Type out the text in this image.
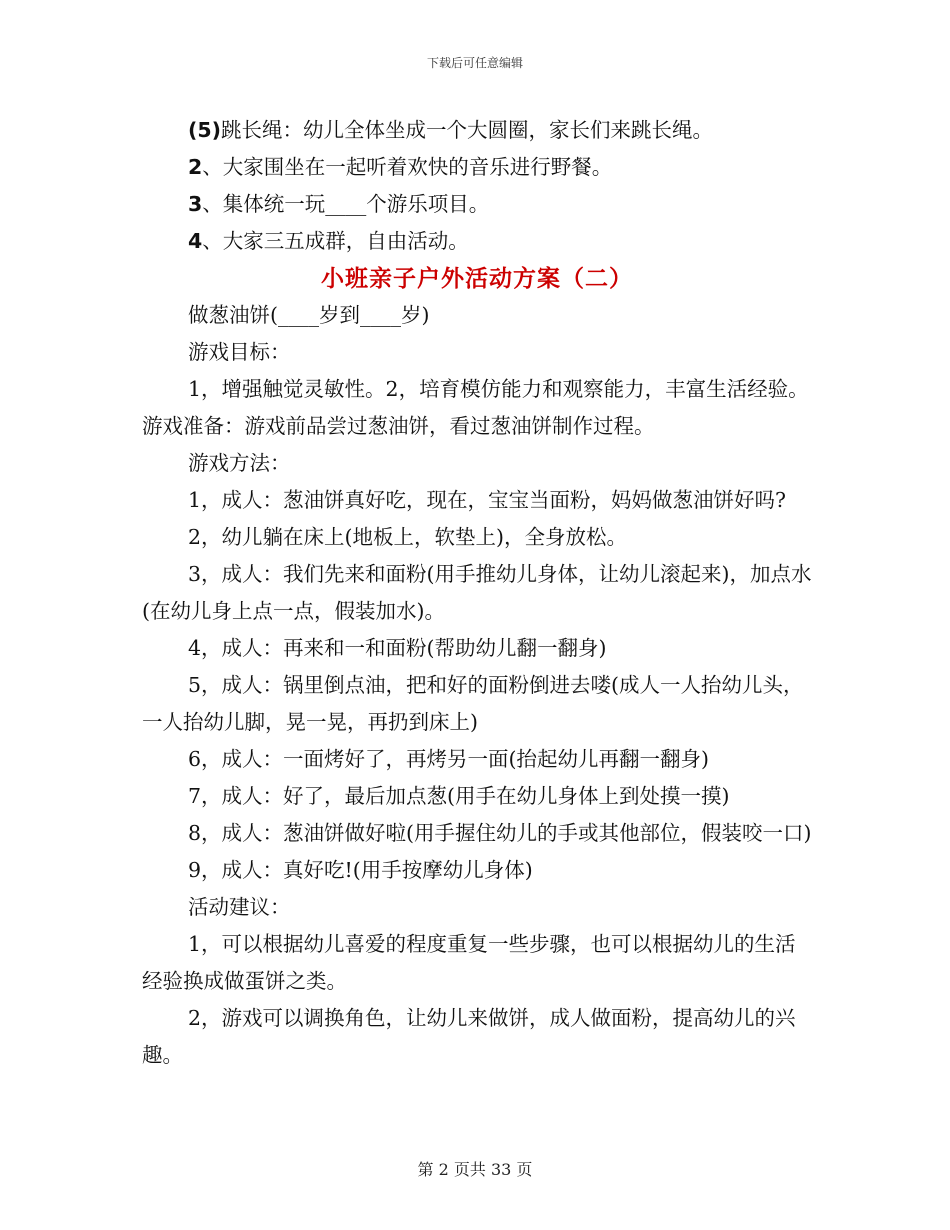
下载后可任意编辑

(5)跳长绳：幼儿全体坐成一个大圆圈，家长们来跳长绳。

2、大家围坐在一起听着欢快的音乐进行野餐。

3、集体统一玩____个游乐项目。

4、大家三五成群，自由活动。

小班亲子户外活动方案（二）

做葱油饼(____岁到____岁)

游戏目标：

1，增强触觉灵敏性。2，培育模仿能力和观察能力，丰富生活经验。游戏准备：游戏前品尝过葱油饼，看过葱油饼制作过程。

游戏方法：

1，成人：葱油饼真好吃，现在，宝宝当面粉，妈妈做葱油饼好吗?

2，幼儿躺在床上(地板上，软垫上)，全身放松。

3，成人：我们先来和面粉(用手推幼儿身体，让幼儿滚起来)，加点水(在幼儿身上点一点，假装加水)。

4，成人：再来和一和面粉(帮助幼儿翻一翻身)

5，成人：锅里倒点油，把和好的面粉倒进去喽(成人一人抬幼儿头，一人抬幼儿脚，晃一晃，再扔到床上)

6，成人：一面烤好了，再烤另一面(抬起幼儿再翻一翻身)

7，成人：好了，最后加点葱(用手在幼儿身体上到处摸一摸)

8，成人：葱油饼做好啦(用手握住幼儿的手或其他部位，假装咬一口)

9，成人：真好吃!(用手按摩幼儿身体)

活动建议：

1，可以根据幼儿喜爱的程度重复一些步骤，也可以根据幼儿的生活经验换成做蛋饼之类。

2，游戏可以调换角色，让幼儿来做饼，成人做面粉，提高幼儿的兴趣。

第 2 页共 33 页
